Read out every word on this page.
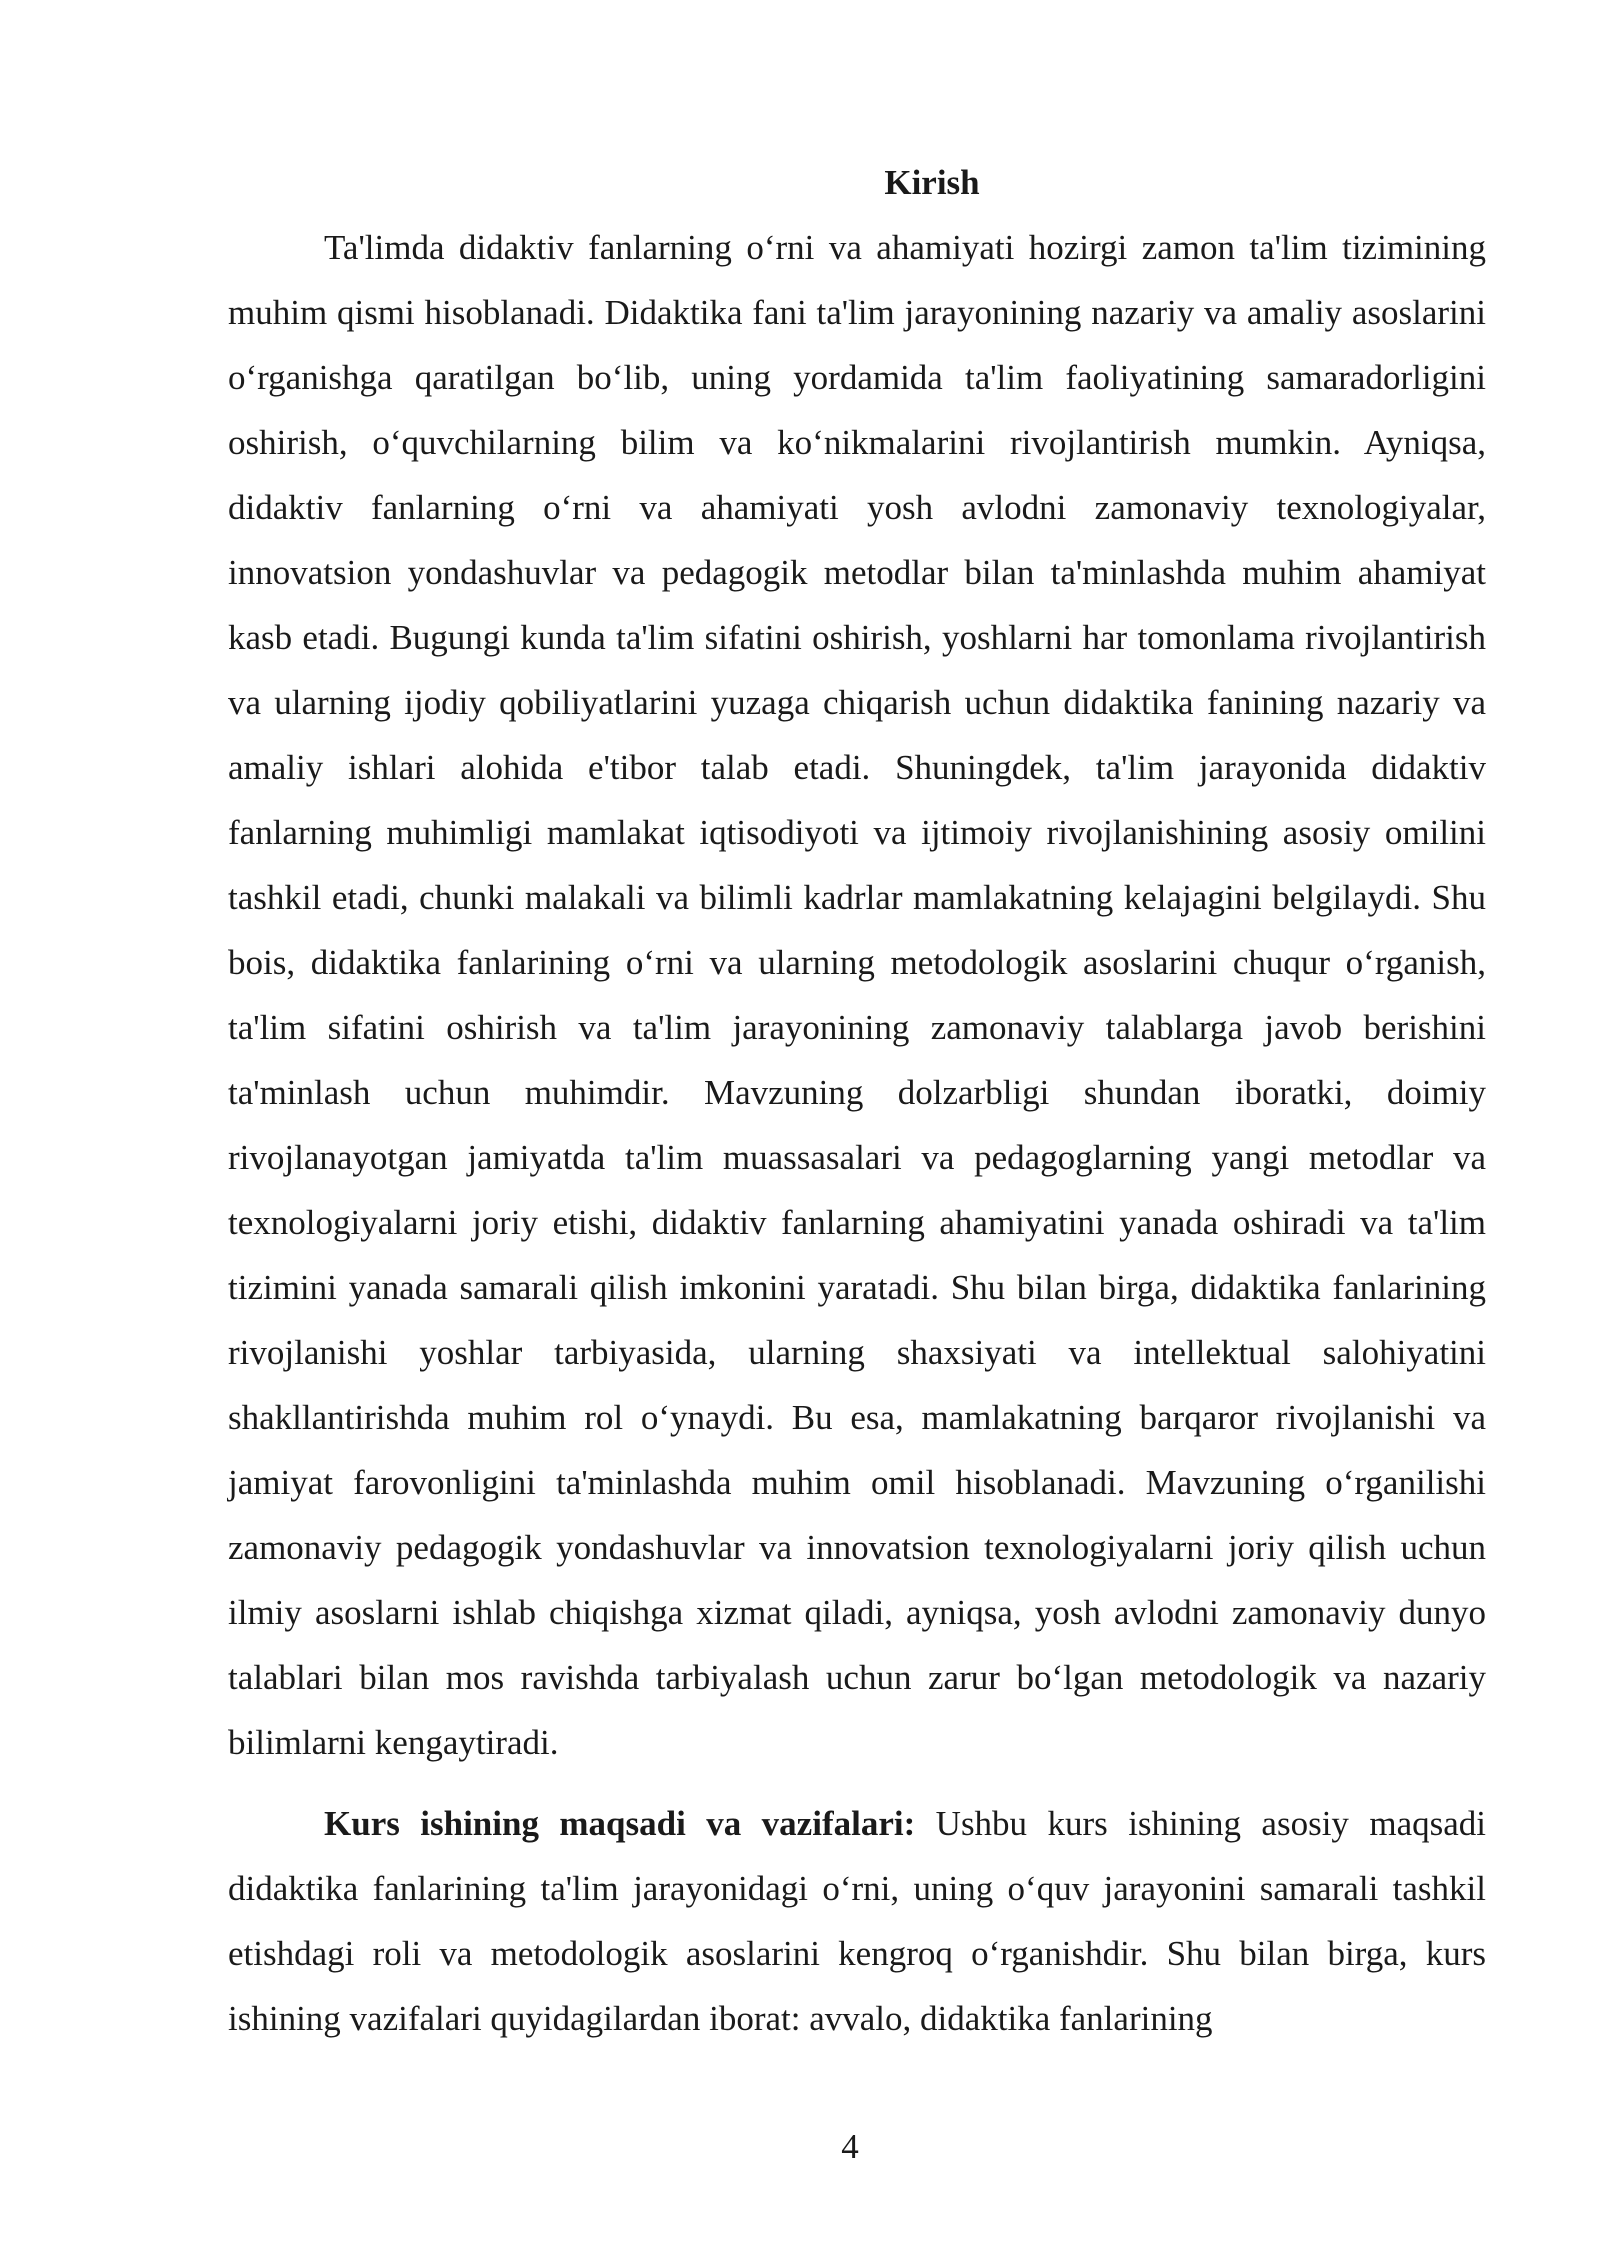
Kirish

Ta'limda didaktiv fanlarning o‘rni va ahamiyati hozirgi zamon ta'lim tizimining muhim qismi hisoblanadi. Didaktika fani ta'lim jarayonining nazariy va amaliy asoslarini o‘rganishga qaratilgan bo‘lib, uning yordamida ta'lim faoliyatining samaradorligini oshirish, o‘quvchilarning bilim va ko‘nikmalarini rivojlantirish mumkin. Ayniqsa, didaktiv fanlarning o‘rni va ahamiyati yosh avlodni zamonaviy texnologiyalar, innovatsion yondashuvlar va pedagogik metodlar bilan ta'minlashda muhim ahamiyat kasb etadi. Bugungi kunda ta'lim sifatini oshirish, yoshlarni har tomonlama rivojlantirish va ularning ijodiy qobiliyatlarini yuzaga chiqarish uchun didaktika fanining nazariy va amaliy ishlari alohida e'tibor talab etadi. Shuningdek, ta'lim jarayonida didaktiv fanlarning muhimligi mamlakat iqtisodiyoti va ijtimoiy rivojlanishining asosiy omilini tashkil etadi, chunki malakali va bilimli kadrlar mamlakatning kelajagini belgilaydi. Shu bois, didaktika fanlarining o‘rni va ularning metodologik asoslarini chuqur o‘rganish, ta'lim sifatini oshirish va ta'lim jarayonining zamonaviy talablarga javob berishini ta'minlash uchun muhimdir. Mavzuning dolzarbligi shundan iboratki, doimiy rivojlanayotgan jamiyatda ta'lim muassasalari va pedagoglarning yangi metodlar va texnologiyalarni joriy etishi, didaktiv fanlarning ahamiyatini yanada oshiradi va ta'lim tizimini yanada samarali qilish imkonini yaratadi. Shu bilan birga, didaktika fanlarining rivojlanishi yoshlar tarbiyasida, ularning shaxsiyati va intellektual salohiyatini shakllantirishda muhim rol o‘ynaydi. Bu esa, mamlakatning barqaror rivojlanishi va jamiyat farovonligini ta'minlashda muhim omil hisoblanadi. Mavzuning o‘rganilishi zamonaviy pedagogik yondashuvlar va innovatsion texnologiyalarni joriy qilish uchun ilmiy asoslarni ishlab chiqishga xizmat qiladi, ayniqsa, yosh avlodni zamonaviy dunyo talablari bilan mos ravishda tarbiyalash uchun zarur bo‘lgan metodologik va nazariy bilimlarni kengaytiradi.

Kurs ishining maqsadi va vazifalari: Ushbu kurs ishining asosiy maqsadi didaktika fanlarining ta'lim jarayonidagi o‘rni, uning o‘quv jarayonini samarali tashkil etishdagi roli va metodologik asoslarini kengroq o‘rganishdir. Shu bilan birga, kurs ishining vazifalari quyidagilardan iborat: avvalo, didaktika fanlarining

4
